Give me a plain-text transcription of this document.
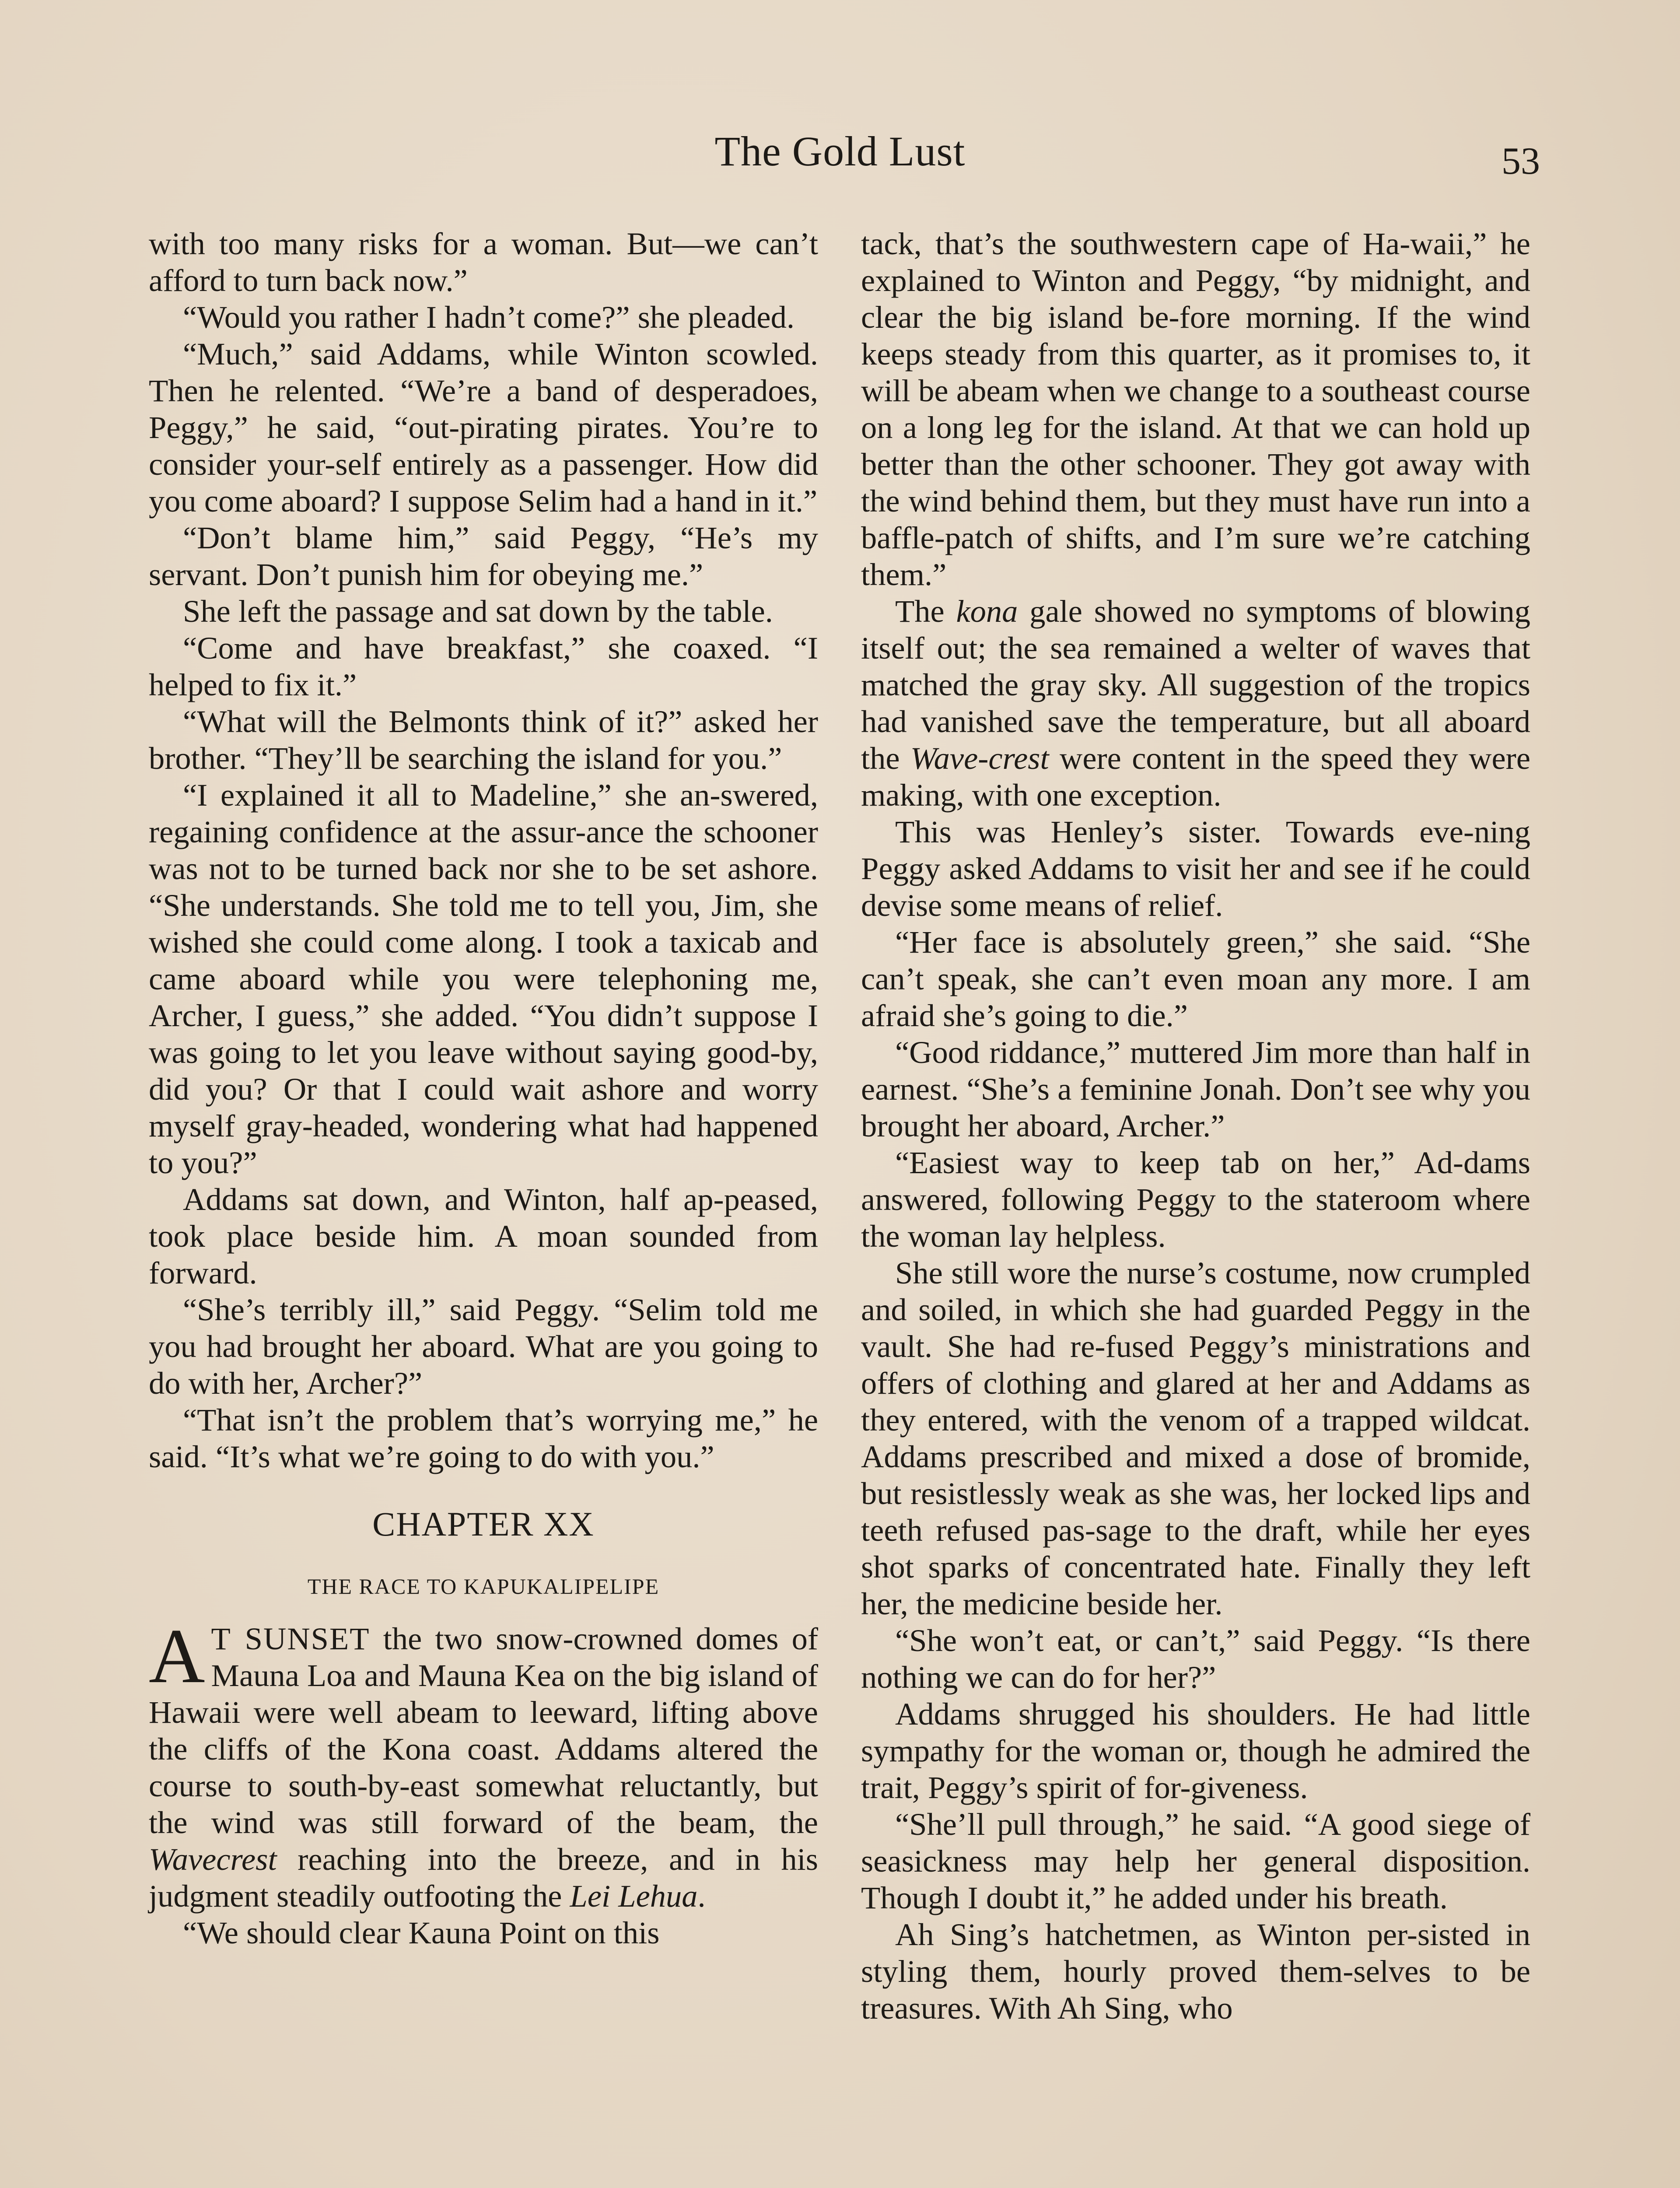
The Gold Lust	53

with too many risks for a woman. But—we can’t afford to turn back now.”

“Would you rather I hadn’t come?” she pleaded.

“Much,” said Addams, while Winton scowled. Then he relented. “We’re a band of desperadoes, Peggy,” he said, “out-pirating pirates. You’re to consider your-self entirely as a passenger. How did you come aboard? I suppose Selim had a hand in it.”

“Don’t blame him,” said Peggy, “He’s my servant. Don’t punish him for obeying me.”

She left the passage and sat down by the table.

“Come and have breakfast,” she coaxed. “I helped to fix it.”

“What will the Belmonts think of it?” asked her brother. “They’ll be searching the island for you.”

“I explained it all to Madeline,” she an-swered, regaining confidence at the assur-ance the schooner was not to be turned back nor she to be set ashore. “She understands. She told me to tell you, Jim, she wished she could come along. I took a taxicab and came aboard while you were telephoning me, Archer, I guess,” she added. “You didn’t suppose I was going to let you leave without saying good-by, did you? Or that I could wait ashore and worry myself gray-headed, wondering what had happened to you?”

Addams sat down, and Winton, half ap-peased, took place beside him. A moan sounded from forward.

“She’s terribly ill,” said Peggy. “Selim told me you had brought her aboard. What are you going to do with her, Archer?”

“That isn’t the problem that’s worrying me,” he said. “It’s what we’re going to do with you.”

CHAPTER XX
THE RACE TO KAPUKALIPELIPE

A T SUNSET the two snow-crowned domes of Mauna Loa and Mauna Kea on the big island of Hawaii were well abeam to leeward, lifting above the cliffs of the Kona coast. Addams altered the course to south-by-east somewhat reluctantly, but the wind was still forward of the beam, the Wavecrest reaching into the breeze, and in his judgment steadily outfooting the Lei Lehua.

“We should clear Kauna Point on this

tack, that’s the southwestern cape of Ha-waii,” he explained to Winton and Peggy, “by midnight, and clear the big island be-fore morning. If the wind keeps steady from this quarter, as it promises to, it will be abeam when we change to a southeast course on a long leg for the island. At that we can hold up better than the other schooner. They got away with the wind behind them, but they must have run into a baffle-patch of shifts, and I’m sure we’re catching them.”

The kona gale showed no symptoms of blowing itself out; the sea remained a welter of waves that matched the gray sky. All suggestion of the tropics had vanished save the temperature, but all aboard the Wave-crest were content in the speed they were making, with one exception.

This was Henley’s sister. Towards eve-ning Peggy asked Addams to visit her and see if he could devise some means of relief.

“Her face is absolutely green,” she said. “She can’t speak, she can’t even moan any more. I am afraid she’s going to die.”

“Good riddance,” muttered Jim more than half in earnest. “She’s a feminine Jonah. Don’t see why you brought her aboard, Archer.”

“Easiest way to keep tab on her,” Ad-dams answered, following Peggy to the stateroom where the woman lay helpless.

She still wore the nurse’s costume, now crumpled and soiled, in which she had guarded Peggy in the vault. She had re-fused Peggy’s ministrations and offers of clothing and glared at her and Addams as they entered, with the venom of a trapped wildcat. Addams prescribed and mixed a dose of bromide, but resistlessly weak as she was, her locked lips and teeth refused pas-sage to the draft, while her eyes shot sparks of concentrated hate. Finally they left her, the medicine beside her.

“She won’t eat, or can’t,” said Peggy. “Is there nothing we can do for her?”

Addams shrugged his shoulders. He had little sympathy for the woman or, though he admired the trait, Peggy’s spirit of for-giveness.

“She’ll pull through,” he said. “A good siege of seasickness may help her general disposition. Though I doubt it,” he added under his breath.

Ah Sing’s hatchetmen, as Winton per-sisted in styling them, hourly proved them-selves to be treasures. With Ah Sing, who
